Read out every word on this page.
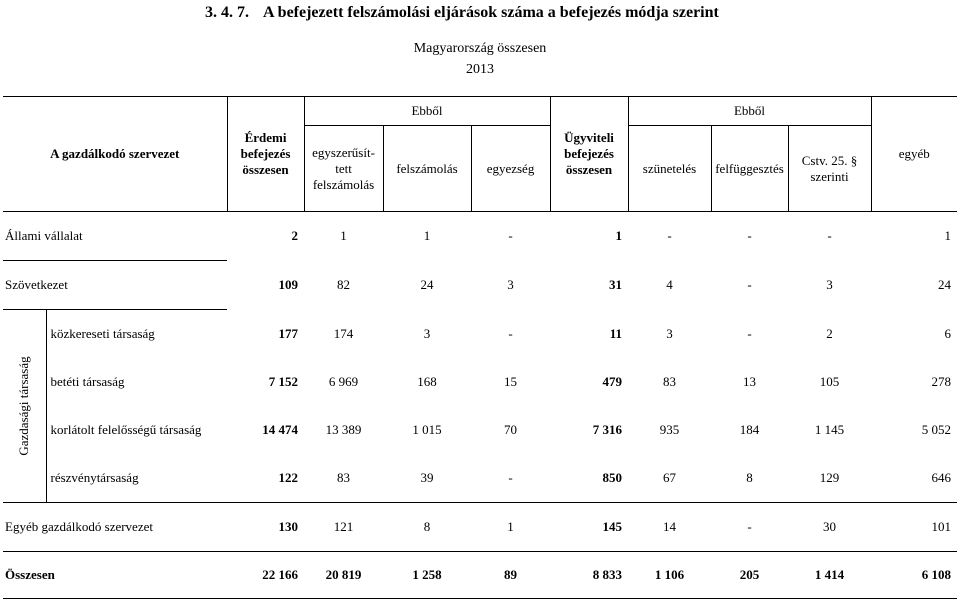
3. 4. 7. A befejezett felszámolási eljárások száma a befejezés módja szerint
Magyarország összesen
2013
A gazdálkodó szervezet		Érdemi
befejezés
összesen	Ebből			Ügyviteli
befejezés
összesen	Ebből			egyéb
			egyszerűsít-
tett
felszámolás	felszámolás	egyezség		szünetelés	felfüggesztés	Cstv. 25. §
szerinti	
Állami vállalat		2	1	1	-	1	-	-	-	1
Szövetkezet		109	82	24	3	31	4	-	3	24

Gazdasági társaság	közkereseti társaság	177	174	3	-	11	3	-	2	6
	betéti társaság	7 152	6 969	168	15	479	83	13	105	278
	korlátolt felelősségű társaság	14 474	13 389	1 015	70	7 316	935	184	1 145	5 052
	részvénytársaság	122	83	39	-	850	67	8	129	646
Egyéb gazdálkodó szervezet		130	121	8	1	145	14	-	30	101
Összesen		22 166	20 819	1 258	89	8 833	1 106	205	1 414	6 108
